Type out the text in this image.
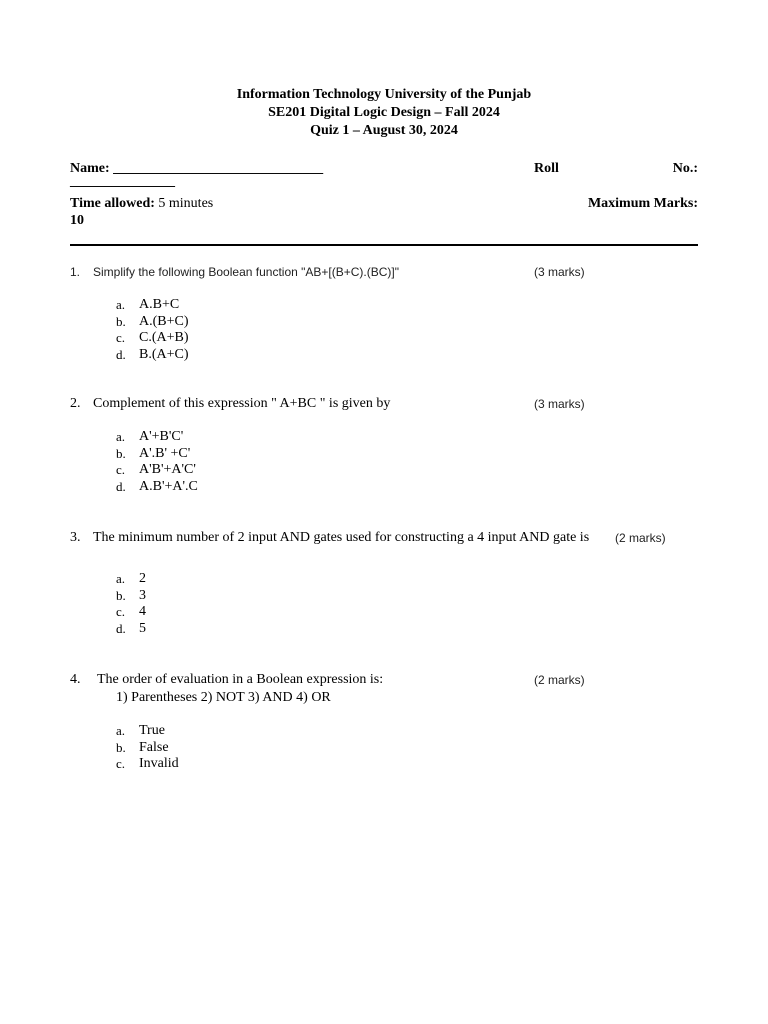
Information Technology University of the Punjab
SE201 Digital Logic Design – Fall 2024
Quiz 1 – August 30, 2024
Name: ______________________________	Roll	No.:
_______________
Time allowed: 5 minutes	Maximum Marks:
10
1. Simplify the following Boolean function "AB+[(B+C).(BC)]"	(3 marks)
a. A.B+C
b. A.(B+C)
c. C.(A+B)
d. B.(A+C)
2. Complement of this expression " A+BC " is given by	(3 marks)
a. A'+B'C'
b. A'.B' +C'
c. A'B'+A'C'
d. A.B'+A'.C
3. The minimum number of 2 input AND gates used for constructing a 4 input AND gate is (2 marks)
a. 2
b. 3
c. 4
d. 5
4. The order of evaluation in a Boolean expression is:	(2 marks)
1) Parentheses 2) NOT 3) AND 4) OR
a. True
b. False
c. Invalid
